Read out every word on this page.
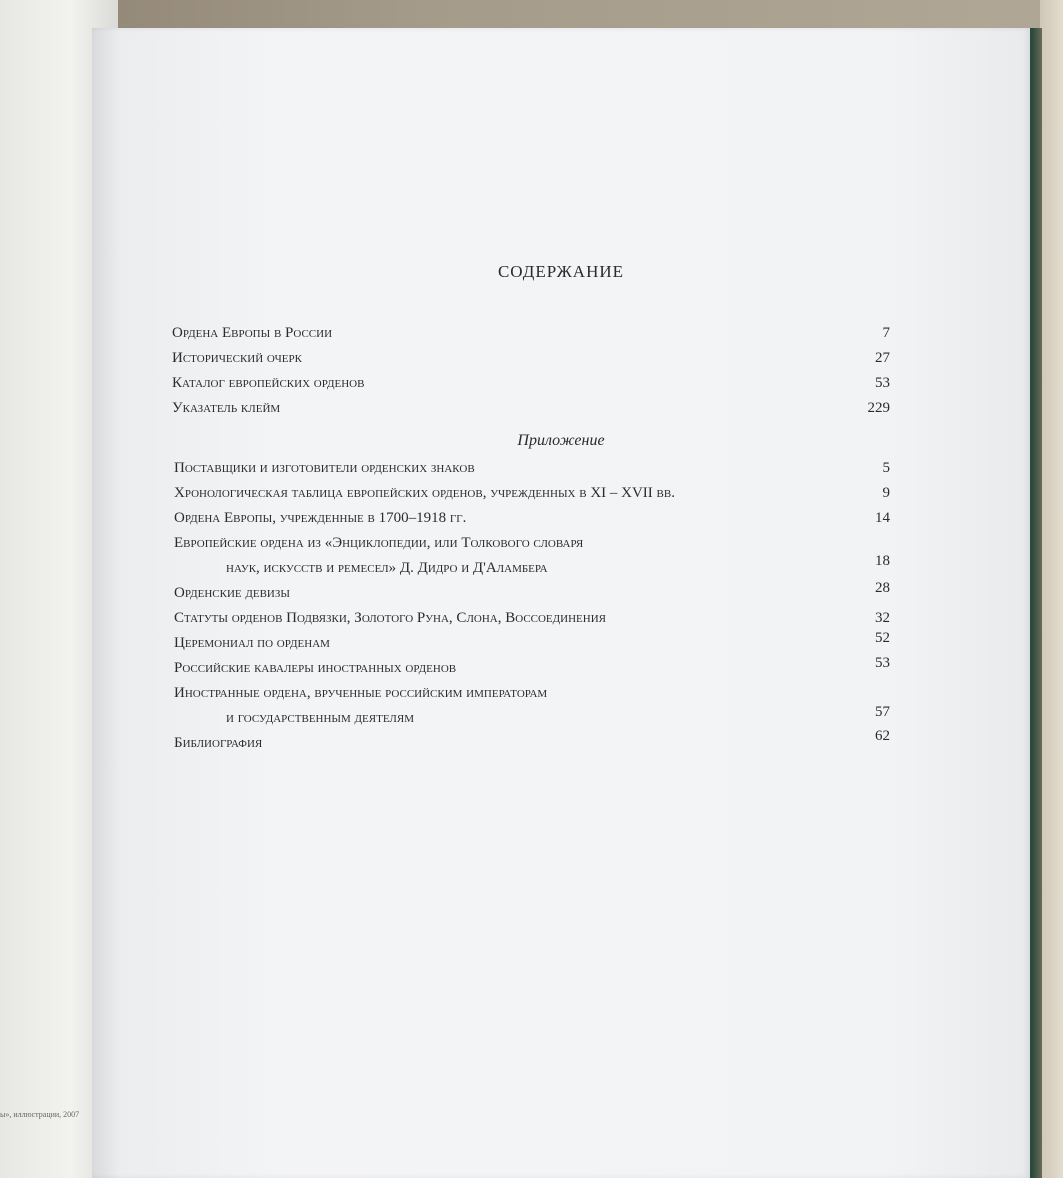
ы», иллюстрации, 2007
СОДЕРЖАНИЕ
Ордена Европы в России	7
Исторический очерк	27
Каталог европейских орденов	53
Указатель клейм	229
Приложение
Поставщики и изготовители орденских знаков	5
Хронологическая таблица европейских орденов, учрежденных в XI – XVII вв.	9
Ордена Европы, учрежденные в 1700–1918 гг.	14
Европейские ордена из «Энциклопедии, или Толкового словаря
наук, искусств и ремесел» Д. Дидро и Д'Аламбера	18
Орденские девизы	28
Статуты орденов Подвязки, Золотого Руна, Слона, Воссоединения	32
Церемониал по орденам	52
Российские кавалеры иностранных орденов	53
Иностранные ордена, врученные российским императорам
и государственным деятелям	57
Библиография	62
